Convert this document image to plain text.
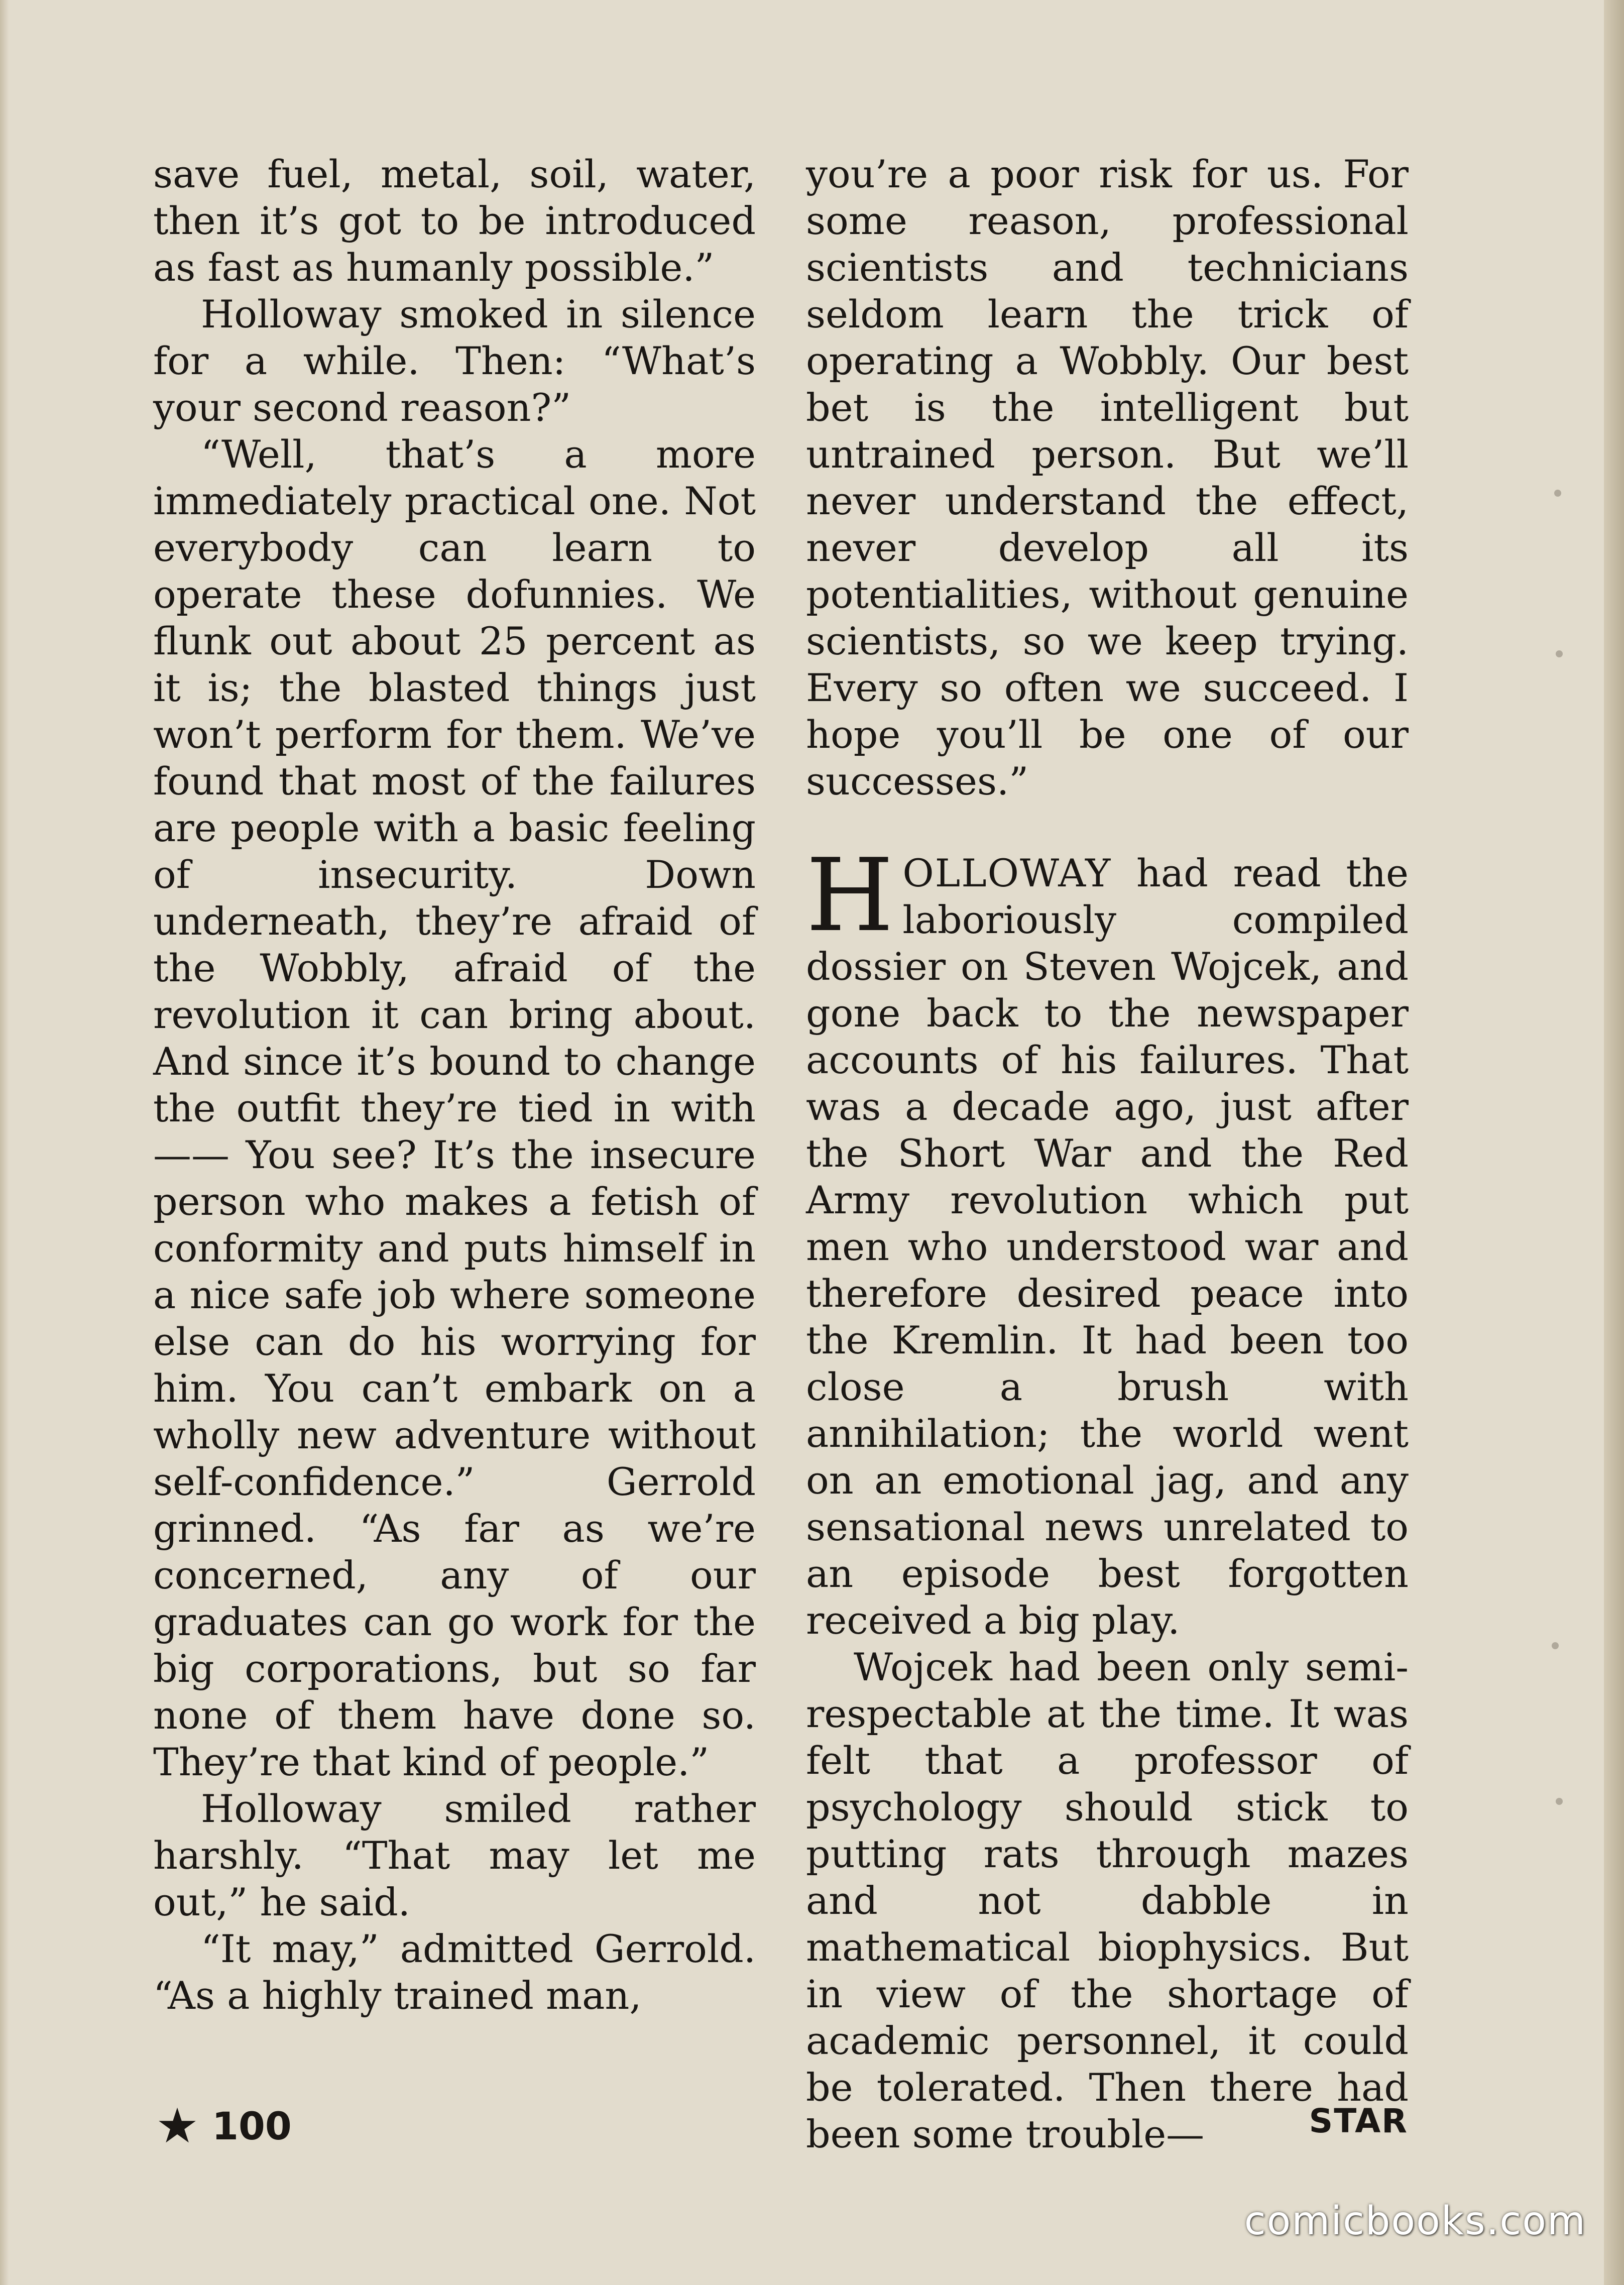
save fuel, metal, soil, water, then it’s got to be introduced as fast as humanly possible.”

Holloway smoked in silence for a while. Then: “What’s your second reason?”

“Well, that’s a more immediately practical one. Not everybody can learn to operate these dofunnies. We flunk out about 25 percent as it is; the blasted things just won’t perform for them. We’ve found that most of the failures are people with a basic feeling of insecurity. Down underneath, they’re afraid of the Wobbly, afraid of the revolution it can bring about. And since it’s bound to change the outfit they’re tied in with—— You see? It’s the insecure person who makes a fetish of conformity and puts himself in a nice safe job where someone else can do his worrying for him. You can’t embark on a wholly new adventure without self-confidence.” Gerrold grinned. “As far as we’re concerned, any of our graduates can go work for the big corporations, but so far none of them have done so. They’re that kind of people.”

Holloway smiled rather harshly. “That may let me out,” he said.

“It may,” admitted Gerrold. “As a highly trained man,

you’re a poor risk for us. For some reason, professional scientists and technicians seldom learn the trick of operating a Wobbly. Our best bet is the intelligent but untrained person. But we’ll never understand the effect, never develop all its potentialities, without genuine scientists, so we keep trying. Every so often we succeed. I hope you’ll be one of our successes.”

HOLLOWAY had read the laboriously compiled dossier on Steven Wojcek, and gone back to the newspaper accounts of his failures. That was a decade ago, just after the Short War and the Red Army revolution which put men who understood war and therefore desired peace into the Kremlin. It had been too close a brush with annihilation; the world went on an emotional jag, and any sensational news unrelated to an episode best forgotten received a big play.

Wojcek had been only semi-respectable at the time. It was felt that a professor of psychology should stick to putting rats through mazes and not dabble in mathematical biophysics. But in view of the shortage of academic personnel, it could be tolerated. Then there had been some trouble—

★ 100	STAR
comicbooks.com
